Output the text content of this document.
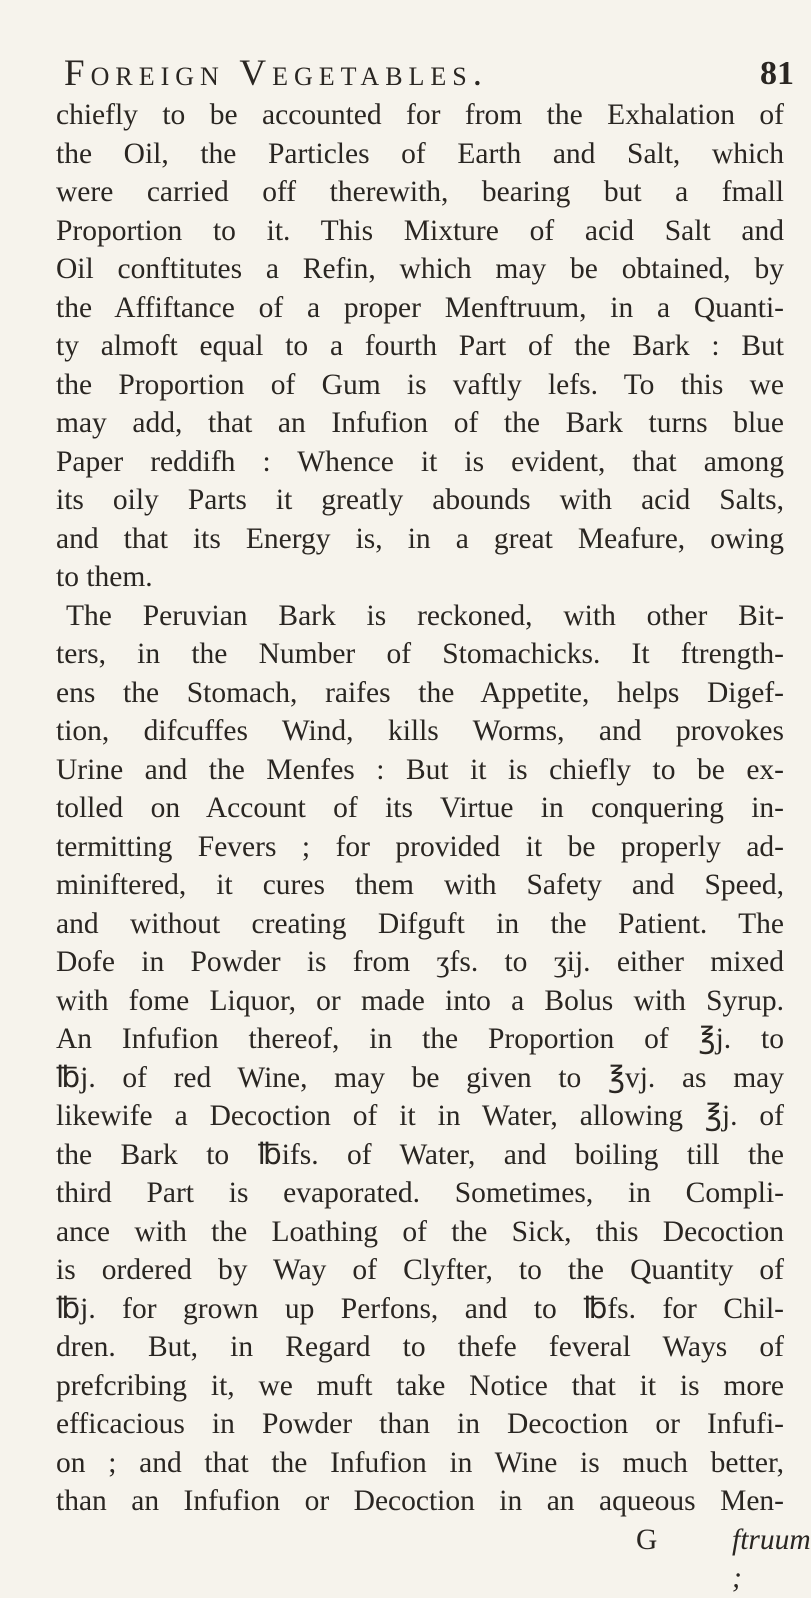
Foreign Vegetables.	81
chiefly to be accounted for from the Exhalation of
the Oil, the Particles of Earth and Salt, which
were carried off therewith, bearing but a fmall
Proportion to it. This Mixture of acid Salt and
Oil conftitutes a Refin, which may be obtained, by
the Affiftance of a proper Menftruum, in a Quanti-
ty almoft equal to a fourth Part of the Bark : But
the Proportion of Gum is vaftly lefs. To this we
may add, that an Infufion of the Bark turns blue
Paper reddifh : Whence it is evident, that among
its oily Parts it greatly abounds with acid Salts,
and that its Energy is, in a great Meafure, owing
to them.
The Peruvian Bark is reckoned, with other Bit-
ters, in the Number of Stomachicks. It ftrength-
ens the Stomach, raifes the Appetite, helps Digef-
tion, difcuffes Wind, kills Worms, and provokes
Urine and the Menfes : But it is chiefly to be ex-
tolled on Account of its Virtue in conquering in-
termitting Fevers ; for provided it be properly ad-
miniftered, it cures them with Safety and Speed,
and without creating Difguft in the Patient. The
Dofe in Powder is from ʒfs. to ʒij. either mixed
with fome Liquor, or made into a Bolus with Syrup.
An Infufion thereof, in the Proportion of ℥j. to
℔j. of red Wine, may be given to ℥vj. as may
likewife a Decoction of it in Water, allowing ℥j. of
the Bark to ℔ifs. of Water, and boiling till the
third Part is evaporated. Sometimes, in Compli-
ance with the Loathing of the Sick, this Decoction
is ordered by Way of Clyfter, to the Quantity of
℔j. for grown up Perfons, and to ℔fs. for Chil-
dren. But, in Regard to thefe feveral Ways of
prefcribing it, we muft take Notice that it is more
efficacious in Powder than in Decoction or Infufi-
on ; and that the Infufion in Wine is much better,
than an Infufion or Decoction in an aqueous Men-
G	ftruum ;
